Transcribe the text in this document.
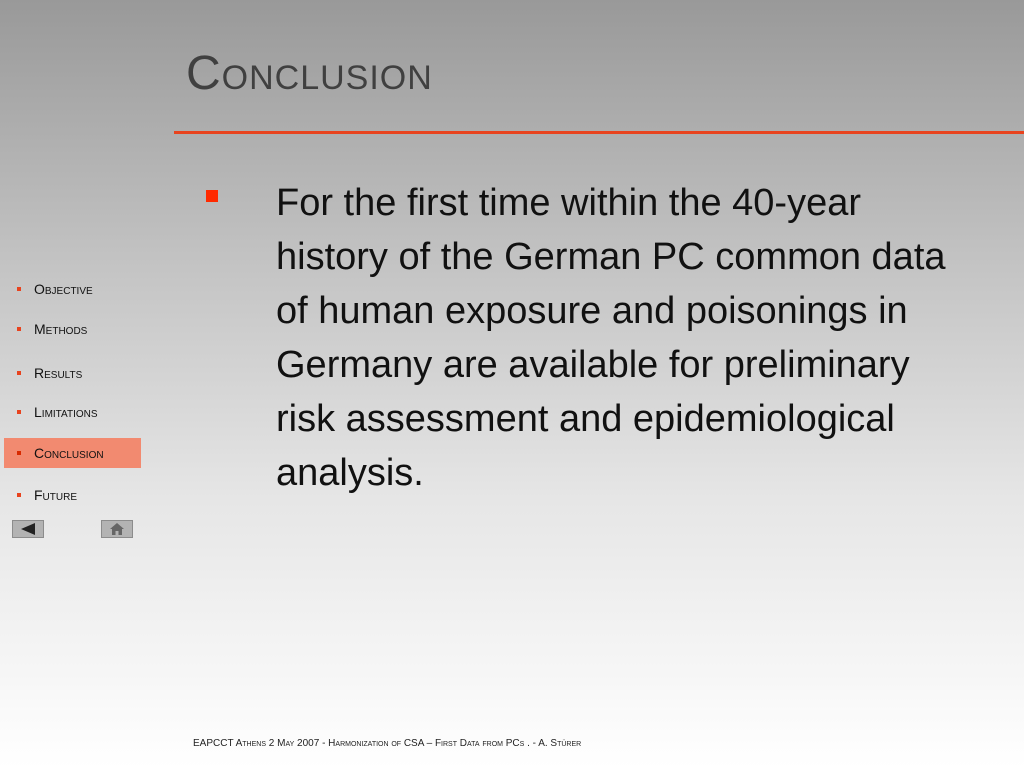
Conclusion
For the first time within the 40-year history of the German PC common data of human exposure and poisonings in Germany are available for preliminary risk assessment and epidemiological analysis.
Objective
Methods
Results
Limitations
Conclusion
Future
EAPCCT Athens 2 May 2007 - Harmonization of CSA – First Data from PCs . - A. Stürer
